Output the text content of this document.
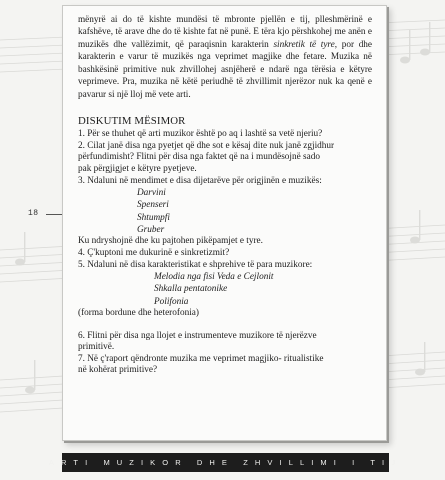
18

mënyrë ai do të kishte mundësi të mbronte pjellën e tij, plleshmërinë e kafshëve, të arave dhe do të kishte fat në punë. E tëra kjo përshkohej me anën e muzikës dhe vallëzimit, që paraqisnin karakterin sinkretik të tyre, por dhe karakterin e varur të muzikës nga veprimet magjike dhe fetare. Muzika në bashkësinë primitive nuk zhvillohej asnjëherë e ndarë nga tërësia e këtyre veprimeve. Pra, muzika në këtë periudhë të zhvillimit njerëzor nuk ka qenë e pavarur si një lloj më vete arti.

DISKUTIM MËSIMOR

1. Për se thuhet që arti muzikor është po aq i lashtë sa vetë njeriu?

2. Cilat janë disa nga pyetjet që dhe sot e kësaj dite nuk janë zgjidhur

përfundimisht? Flitni për disa nga faktet që na i mundësojnë sado

pak përgjigjet e këtyre pyetjeve.

3. Ndaluni në mendimet e disa dijetarëve për origjinën e muzikës:

Darvini
Spenseri
Shtumpfi
Gruber

Ku ndryshojnë dhe ku pajtohen pikëpamjet e tyre.

4. Ç'kuptoni me dukurinë e sinkretizmit?

5. Ndaluni në disa karakteristikat e shprehive të para muzikore:

Melodia nga fisi Veda e Cejlonit
Shkalla pentatonike
Polifonia

(forma bordune dhe heterofonia)

6. Flitni për disa nga llojet e instrumenteve muzikore të njerëzve

primitivë.

7. Në ç'raport qëndronte muzika me veprimet magjiko- ritualistike

në kohërat primitive?

ARTI MUZIKOR DHE ZHVILLIMI I TIJ
